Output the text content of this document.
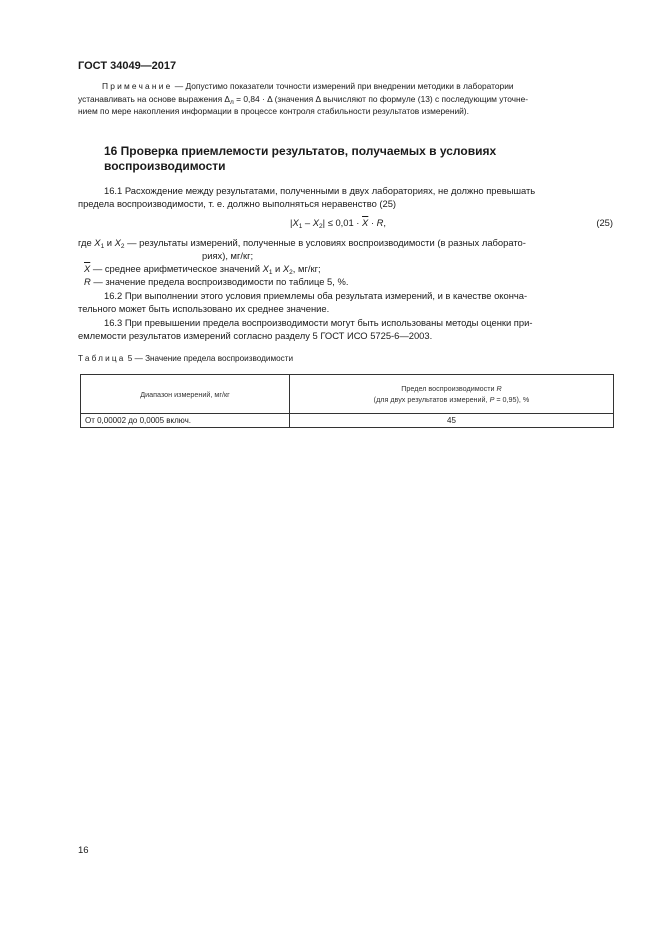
ГОСТ 34049—2017

Примечание — Допустимо показатели точности измерений при внедрении методики в лаборатории

устанавливать на основе выражения $\Delta_л = 0,84 \cdot \Delta$ (значения Δ вычисляют по формуле (13) с последующим уточне-

нием по мере накопления информации в процессе контроля стабильности результатов измерений).

16 Проверка приемлемости результатов, получаемых в условиях воспроизводимости

16.1 Расхождение между результатами, полученными в двух лабораториях, не должно превышать

предела воспроизводимости, т. е. должно выполняться неравенство (25)

$|X_1 - X_2| \le 0,01 \cdot \overline{X} \cdot R$,	(25)

где $X_1$ и $X_2$ — результаты измерений, полученные в условиях воспроизводимости (в разных лаборато-

риях), мг/кг;

$\overline{X}$ — среднее арифметическое значений $X_1$ и $X_2$, мг/кг;

R — значение предела воспроизводимости по таблице 5, %.

16.2 При выполнении этого условия приемлемы оба результата измерений, и в качестве оконча-

тельного может быть использовано их среднее значение.

16.3 При превышении предела воспроизводимости могут быть использованы методы оценки при-

емлемости результатов измерений согласно разделу 5 ГОСТ ИСО 5725-6—2003.

Таблица 5 — Значение предела воспроизводимости
Диапазон измерений, мг/кг	Предел воспроизводимости R
(для двух результатов измерений, P = 0,95), %

От 0,00002 до 0,0005 включ.	45
16
